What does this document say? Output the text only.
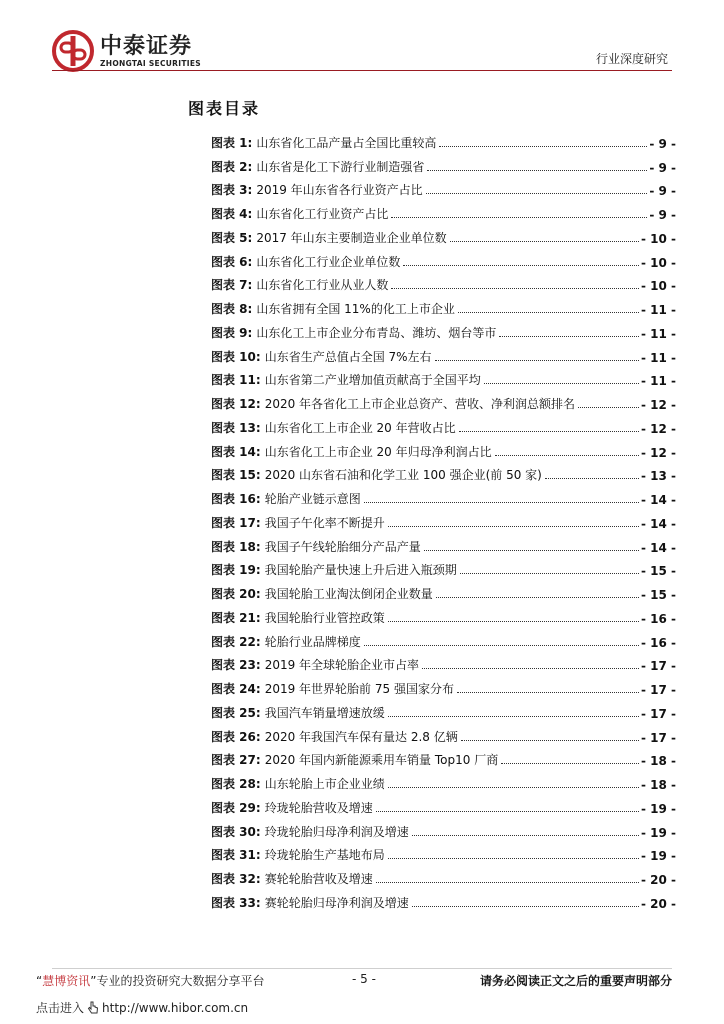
中泰证券
ZHONGTAI SECURITIES	行业深度研究
图表目录
图表 1: 山东省化工品产量占全国比重较高	- 9 -
图表 2: 山东省是化工下游行业制造强省	- 9 -
图表 3: 2019 年山东省各行业资产占比	- 9 -
图表 4: 山东省化工行业资产占比	- 9 -
图表 5: 2017 年山东主要制造业企业单位数	- 10 -
图表 6: 山东省化工行业企业单位数	- 10 -
图表 7: 山东省化工行业从业人数	- 10 -
图表 8: 山东省拥有全国 11%的化工上市企业	- 11 -
图表 9: 山东化工上市企业分布青岛、潍坊、烟台等市	- 11 -
图表 10: 山东省生产总值占全国 7%左右	- 11 -
图表 11: 山东省第二产业增加值贡献高于全国平均	- 11 -
图表 12: 2020 年各省化工上市企业总资产、营收、净利润总额排名	- 12 -
图表 13: 山东省化工上市企业 20 年营收占比	- 12 -
图表 14: 山东省化工上市企业 20 年归母净利润占比	- 12 -
图表 15: 2020 山东省石油和化学工业 100 强企业(前 50 家)	- 13 -
图表 16: 轮胎产业链示意图	- 14 -
图表 17: 我国子午化率不断提升	- 14 -
图表 18: 我国子午线轮胎细分产品产量	- 14 -
图表 19: 我国轮胎产量快速上升后进入瓶颈期	- 15 -
图表 20: 我国轮胎工业淘汰倒闭企业数量	- 15 -
图表 21: 我国轮胎行业管控政策	- 16 -
图表 22: 轮胎行业品牌梯度	- 16 -
图表 23: 2019 年全球轮胎企业市占率	- 17 -
图表 24: 2019 年世界轮胎前 75 强国家分布	- 17 -
图表 25: 我国汽车销量增速放缓	- 17 -
图表 26: 2020 年我国汽车保有量达 2.8 亿辆	- 17 -
图表 27: 2020 年国内新能源乘用车销量 Top10 厂商	- 18 -
图表 28: 山东轮胎上市企业业绩	- 18 -
图表 29: 玲珑轮胎营收及增速	- 19 -
图表 30: 玲珑轮胎归母净利润及增速	- 19 -
图表 31: 玲珑轮胎生产基地布局	- 19 -
图表 32: 赛轮轮胎营收及增速	- 20 -
图表 33: 赛轮轮胎归母净利润及增速	- 20 -
“慧博资讯”专业的投资研究大数据分享平台	- 5 -	请务必阅读正文之后的重要声明部分
点击进入 http://www.hibor.com.cn
